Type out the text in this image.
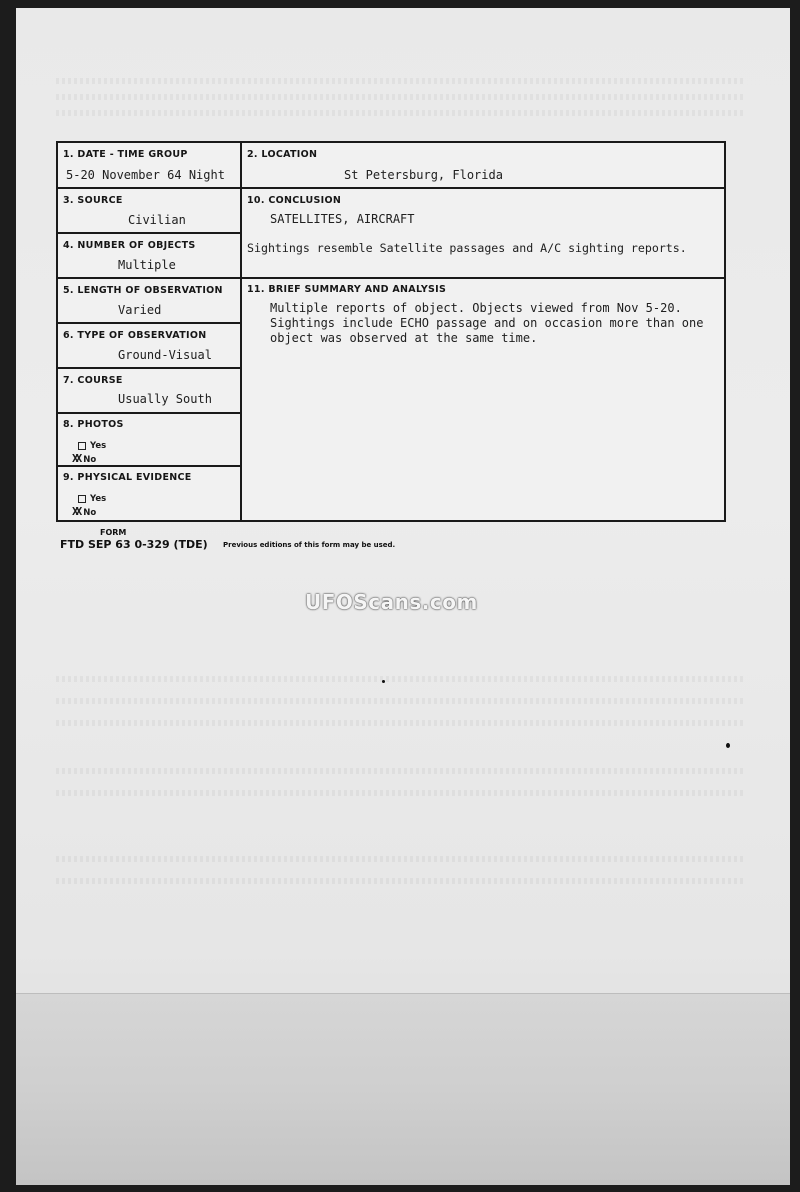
1. DATE - TIME GROUP
5-20 November 64 Night
2. LOCATION
St Petersburg, Florida
3. SOURCE
Civilian
4. NUMBER OF OBJECTS
Multiple
5. LENGTH OF OBSERVATION
Varied
6. TYPE OF OBSERVATION
Ground-Visual
7. COURSE
Usually South
8. PHOTOS
Yes
XX No
9. PHYSICAL EVIDENCE
Yes
XX No
10. CONCLUSION
SATELLITES, AIRCRAFT
Sightings resemble Satellite passages and A/C sighting reports.
11. BRIEF SUMMARY AND ANALYSIS
Multiple reports of object. Objects viewed from Nov 5-20.
Sightings include ECHO passage and on occasion more than one
object was observed at the same time.
FORM
FTD SEP 63 0-329 (TDE) Previous editions of this form may be used.
UFOScans.com
